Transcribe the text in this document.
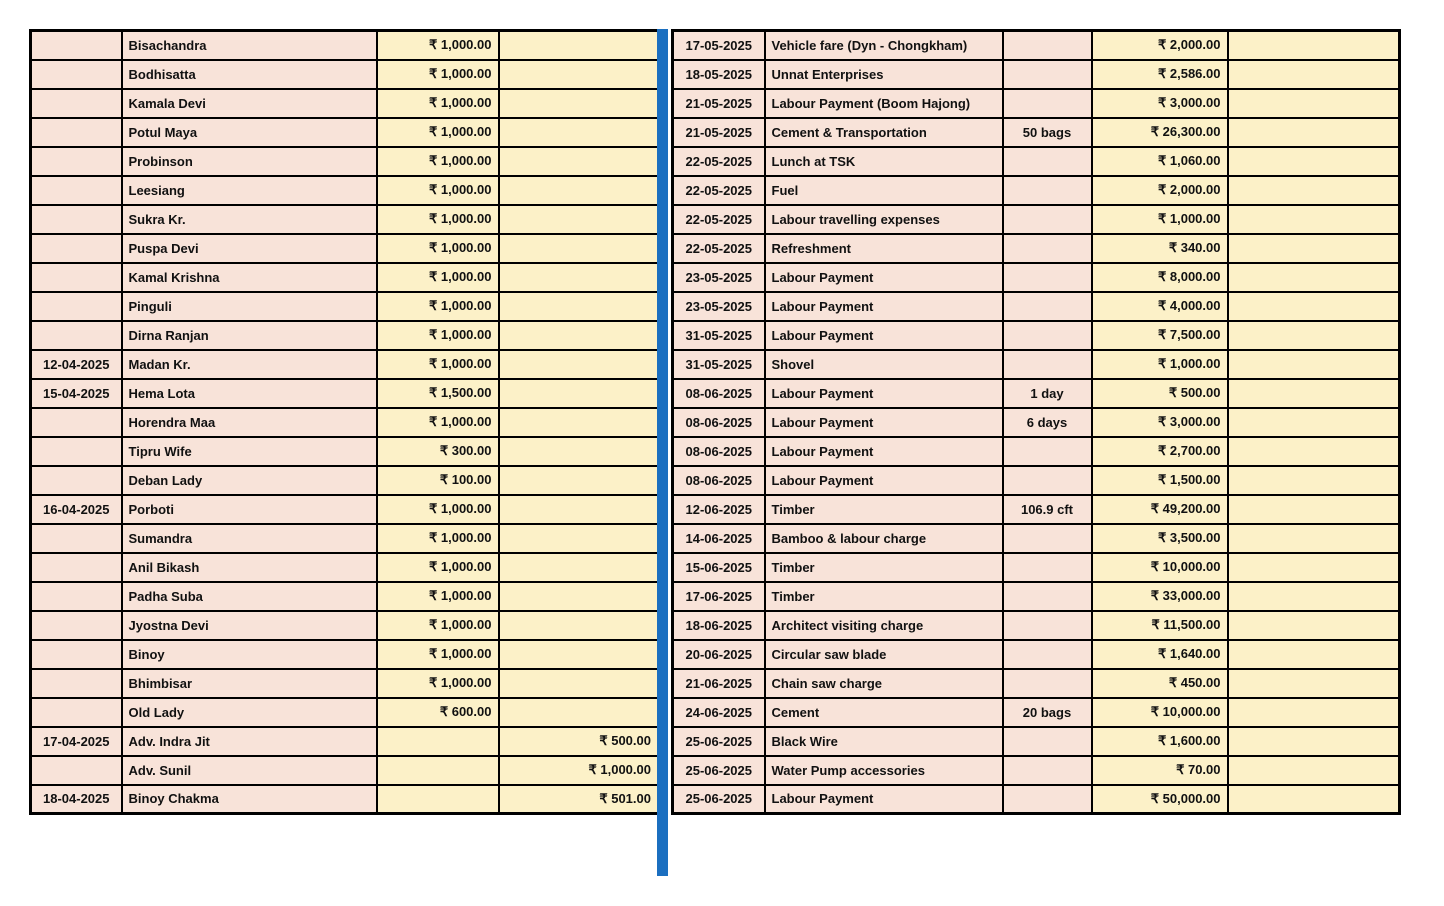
	Bisachandra	₹ 1,000.00	
	Bodhisatta	₹ 1,000.00	
	Kamala Devi	₹ 1,000.00	
	Potul Maya	₹ 1,000.00	
	Probinson	₹ 1,000.00	
	Leesiang	₹ 1,000.00	
	Sukra Kr.	₹ 1,000.00	
	Puspa Devi	₹ 1,000.00	
	Kamal Krishna	₹ 1,000.00	
	Pinguli	₹ 1,000.00	
	Dirna Ranjan	₹ 1,000.00	
12-04-2025	Madan Kr.	₹ 1,000.00	
15-04-2025	Hema Lota	₹ 1,500.00	
	Horendra Maa	₹ 1,000.00	
	Tipru Wife	₹ 300.00	
	Deban Lady	₹ 100.00	
16-04-2025	Porboti	₹ 1,000.00	
	Sumandra	₹ 1,000.00	
	Anil Bikash	₹ 1,000.00	
	Padha Suba	₹ 1,000.00	
	Jyostna Devi	₹ 1,000.00	
	Binoy	₹ 1,000.00	
	Bhimbisar	₹ 1,000.00	
	Old Lady	₹ 600.00	
17-04-2025	Adv. Indra Jit		₹ 500.00
	Adv. Sunil		₹ 1,000.00
18-04-2025	Binoy Chakma		₹ 501.00
17-05-2025	Vehicle fare (Dyn - Chongkham)		₹ 2,000.00	
18-05-2025	Unnat Enterprises		₹ 2,586.00	
21-05-2025	Labour Payment (Boom Hajong)		₹ 3,000.00	
21-05-2025	Cement & Transportation	50 bags	₹ 26,300.00	
22-05-2025	Lunch at TSK		₹ 1,060.00	
22-05-2025	Fuel		₹ 2,000.00	
22-05-2025	Labour travelling expenses		₹ 1,000.00	
22-05-2025	Refreshment		₹ 340.00	
23-05-2025	Labour Payment		₹ 8,000.00	
23-05-2025	Labour Payment		₹ 4,000.00	
31-05-2025	Labour Payment		₹ 7,500.00	
31-05-2025	Shovel		₹ 1,000.00	
08-06-2025	Labour Payment	1 day	₹ 500.00	
08-06-2025	Labour Payment	6 days	₹ 3,000.00	
08-06-2025	Labour Payment		₹ 2,700.00	
08-06-2025	Labour Payment		₹ 1,500.00	
12-06-2025	Timber	106.9 cft	₹ 49,200.00	
14-06-2025	Bamboo & labour charge		₹ 3,500.00	
15-06-2025	Timber		₹ 10,000.00	
17-06-2025	Timber		₹ 33,000.00	
18-06-2025	Architect visiting charge		₹ 11,500.00	
20-06-2025	Circular saw blade		₹ 1,640.00	
21-06-2025	Chain saw charge		₹ 450.00	
24-06-2025	Cement	20 bags	₹ 10,000.00	
25-06-2025	Black Wire		₹ 1,600.00	
25-06-2025	Water Pump accessories		₹ 70.00	
25-06-2025	Labour Payment		₹ 50,000.00	
